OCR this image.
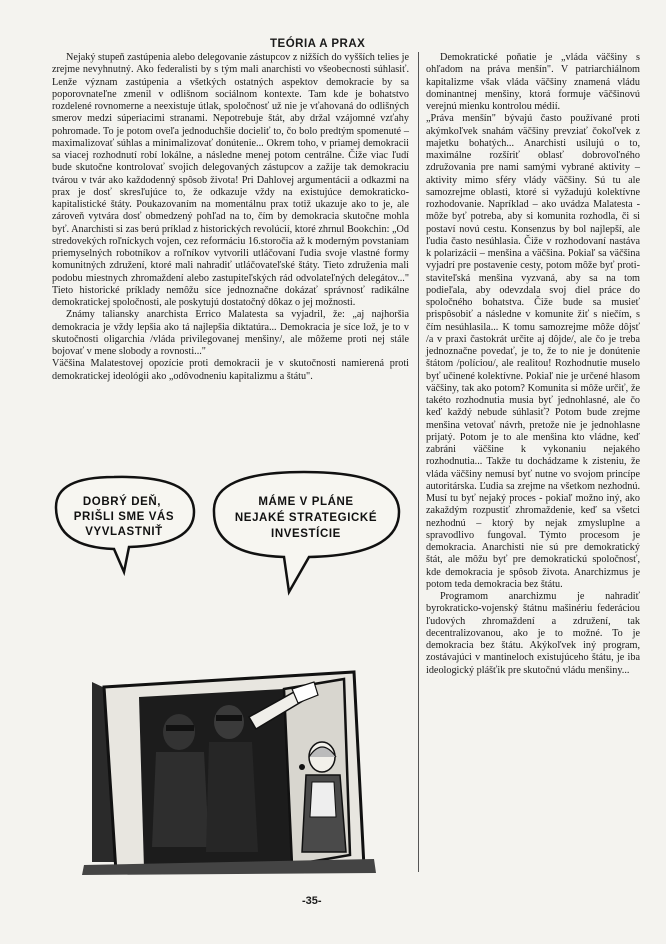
TEÓRIA A PRAX

Nejaký stupeň zastúpenia alebo delegovanie zástupcov z nižších do vyšších telies je zrejme nevyhnutný. Ako federalisti by s tým mali anarchisti vo všeobecnosti súhlasiť. Lenže význam zastúpenia a všetkých ostatných aspektov demokracie by sa poporovnateľne zmenil v odlišnom sociálnom kontexte. Tam kde je bohatstvo rozdelené rovnomerne a neexistuje útlak, spoločnosť už nie je vťahovaná do odlišných smerov medzi súperiacimi stranami. Nepotrebuje štát, aby držal vzájomné vzťahy pohromade. To je potom oveľa jednoduchšie docieliť to, čo bolo predtým spomenuté – maximalizovať súhlas a minimalizovať donútenie... Okrem toho, v priamej demokracii sa viacej rozhodnutí robí lokálne, a následne menej potom centrálne. Čiže viac ľudí bude skutočne kontrolovať svojich delegovaných zástupcov a zažije tak demokraciu tvárou v tvár ako každodenný spôsob života! Pri Dahlovej argumentácii a odkazmi na prax je dosť skresľujúce to, že odkazuje vždy na existujúce demokraticko-kapitalistické štáty. Poukazovaním na momentálnu prax totiž ukazuje ako to je, ale zároveň vytvára dosť obmedzený pohľad na to, čím by demokracia skutočne mohla byť. Anarchisti si zas berú príklad z historických revolúcií, ktoré zhrnul Bookchin: „Od stredovekých roľníckych vojen, cez reformáciu 16.storočia až k moderným povstaniam priemyselných robotníkov a roľníkov vytvorili utláčovaní ľudia svoje vlastné formy komunitných združení, ktoré mali nahradiť utláčovateľské štáty. Tieto združenia mali podobu miestnych zhromaždení alebo zastupiteľských rád odvolateľných delegátov..." Tieto historické príklady nemôžu síce jednoznačne dokázať správnosť radikálne demokratickej spoločnosti, ale poskytujú dostatočný dôkaz o jej možnosti.

Známy taliansky anarchista Errico Malatesta sa vyjadril, že: „aj najhoršia demokracia je vždy lepšia ako tá najlepšia diktatúra... Demokracia je síce lož, je to v skutočnosti oligarchia /vláda privilegovanej menšiny/, ale môžeme proti nej stále bojovať v mene slobody a rovnosti..."

Väčšina Malatestovej opozície proti demokracii je v skutočnosti namierená proti demokratickej ideológii ako „odôvodneniu kapitalizmu a štátu".

DOBRÝ DEŇ,
PRIŠLI SME VÁS
VYVLASTNIŤ
MÁME V PLÁNE
NEJAKÉ STRATEGICKÉ
INVESTÍCIE

Demokratické poňatie je „vláda väčšiny s ohľadom na práva menšín". V patriarchiálnom kapitalizme však vláda väčšiny znamená vládu dominantnej menšiny, ktorá formuje väčšinovú verejnú mienku kontrolou médií.

„Práva menšín" bývajú často používané proti akýmkoľvek snahám väčšiny prevziať čokoľvek z majetku bohatých... Anarchisti usilujú o to, maximálne rozšíriť oblasť dobrovoľného združovania pre nami samými vybrané aktivity – aktivity mimo sféry vlády väčšiny. Sú tu ale samozrejme oblasti, ktoré si vyžadujú kolektívne rozhodovanie. Napríklad – ako uvádza Malatesta - môže byť potreba, aby si komunita rozhodla, či si postaví novú cestu. Konsenzus by bol najlepší, ale ľudia často nesúhlasia. Čiže v rozhodovaní nastáva k polarizácii – menšina a väčšina. Pokiaľ sa väčšina vyjadrí pre postavenie cesty, potom môže byť proti-staviteľská menšina vyzvaná, aby sa na tom podieľala, aby odevzdala svoj diel práce do spoločného bohatstva. Čiže bude sa musieť prispôsobiť a následne v komunite žiť s niečím, s čím nesúhlasila... K tomu samozrejme môže dôjsť /a v praxi častokrát určite aj dôjde/, ale čo je treba jednoznačne povedať, je to, že to nie je donútenie štátom /políciou/, ale realitou! Rozhodnutie muselo byť učinené kolektívne. Pokiaľ nie je určené hlasom väčšiny, tak ako potom? Komunita si môže určiť, že takéto rozhodnutia musia byť jednohlasné, ale čo keď každý nebude súhlasiť? Potom bude zrejme menšina vetovať návrh, pretože nie je jednohlasne prijatý. Potom je to ale menšina kto vládne, keď zabráni väčšine k vykonaniu nejakého rozhodnutia... Takže tu dochádzame k zisteniu, že vláda väčšiny nemusí byť nutne vo svojom princípe autoritárska. Ľudia sa zrejme na všetkom nezhodnú. Musí tu byť nejaký proces - pokiaľ možno iný, ako zakaždým rozpustiť zhromaždenie, keď sa všetci nezhodnú – ktorý by nejak zmysluplne a spravodlivo fungoval. Týmto procesom je demokracia. Anarchisti nie sú pre demokratický štát, ale môžu byť pre demokratickú spoločnosť, kde demokracia je spôsob života. Anarchizmus je potom teda demokracia bez štátu.

Programom anarchizmu je nahradiť byrokraticko-vojenský štátnu mašinériu federáciou ľudových zhromaždení a združení, tak decentralizovanou, ako je to možné. To je demokracia bez štátu. Akýkoľvek iný program, zostávajúci v mantineloch existujúceho štátu, je iba ideologický plášťik pre skutočnú vládu menšiny...

-35-
